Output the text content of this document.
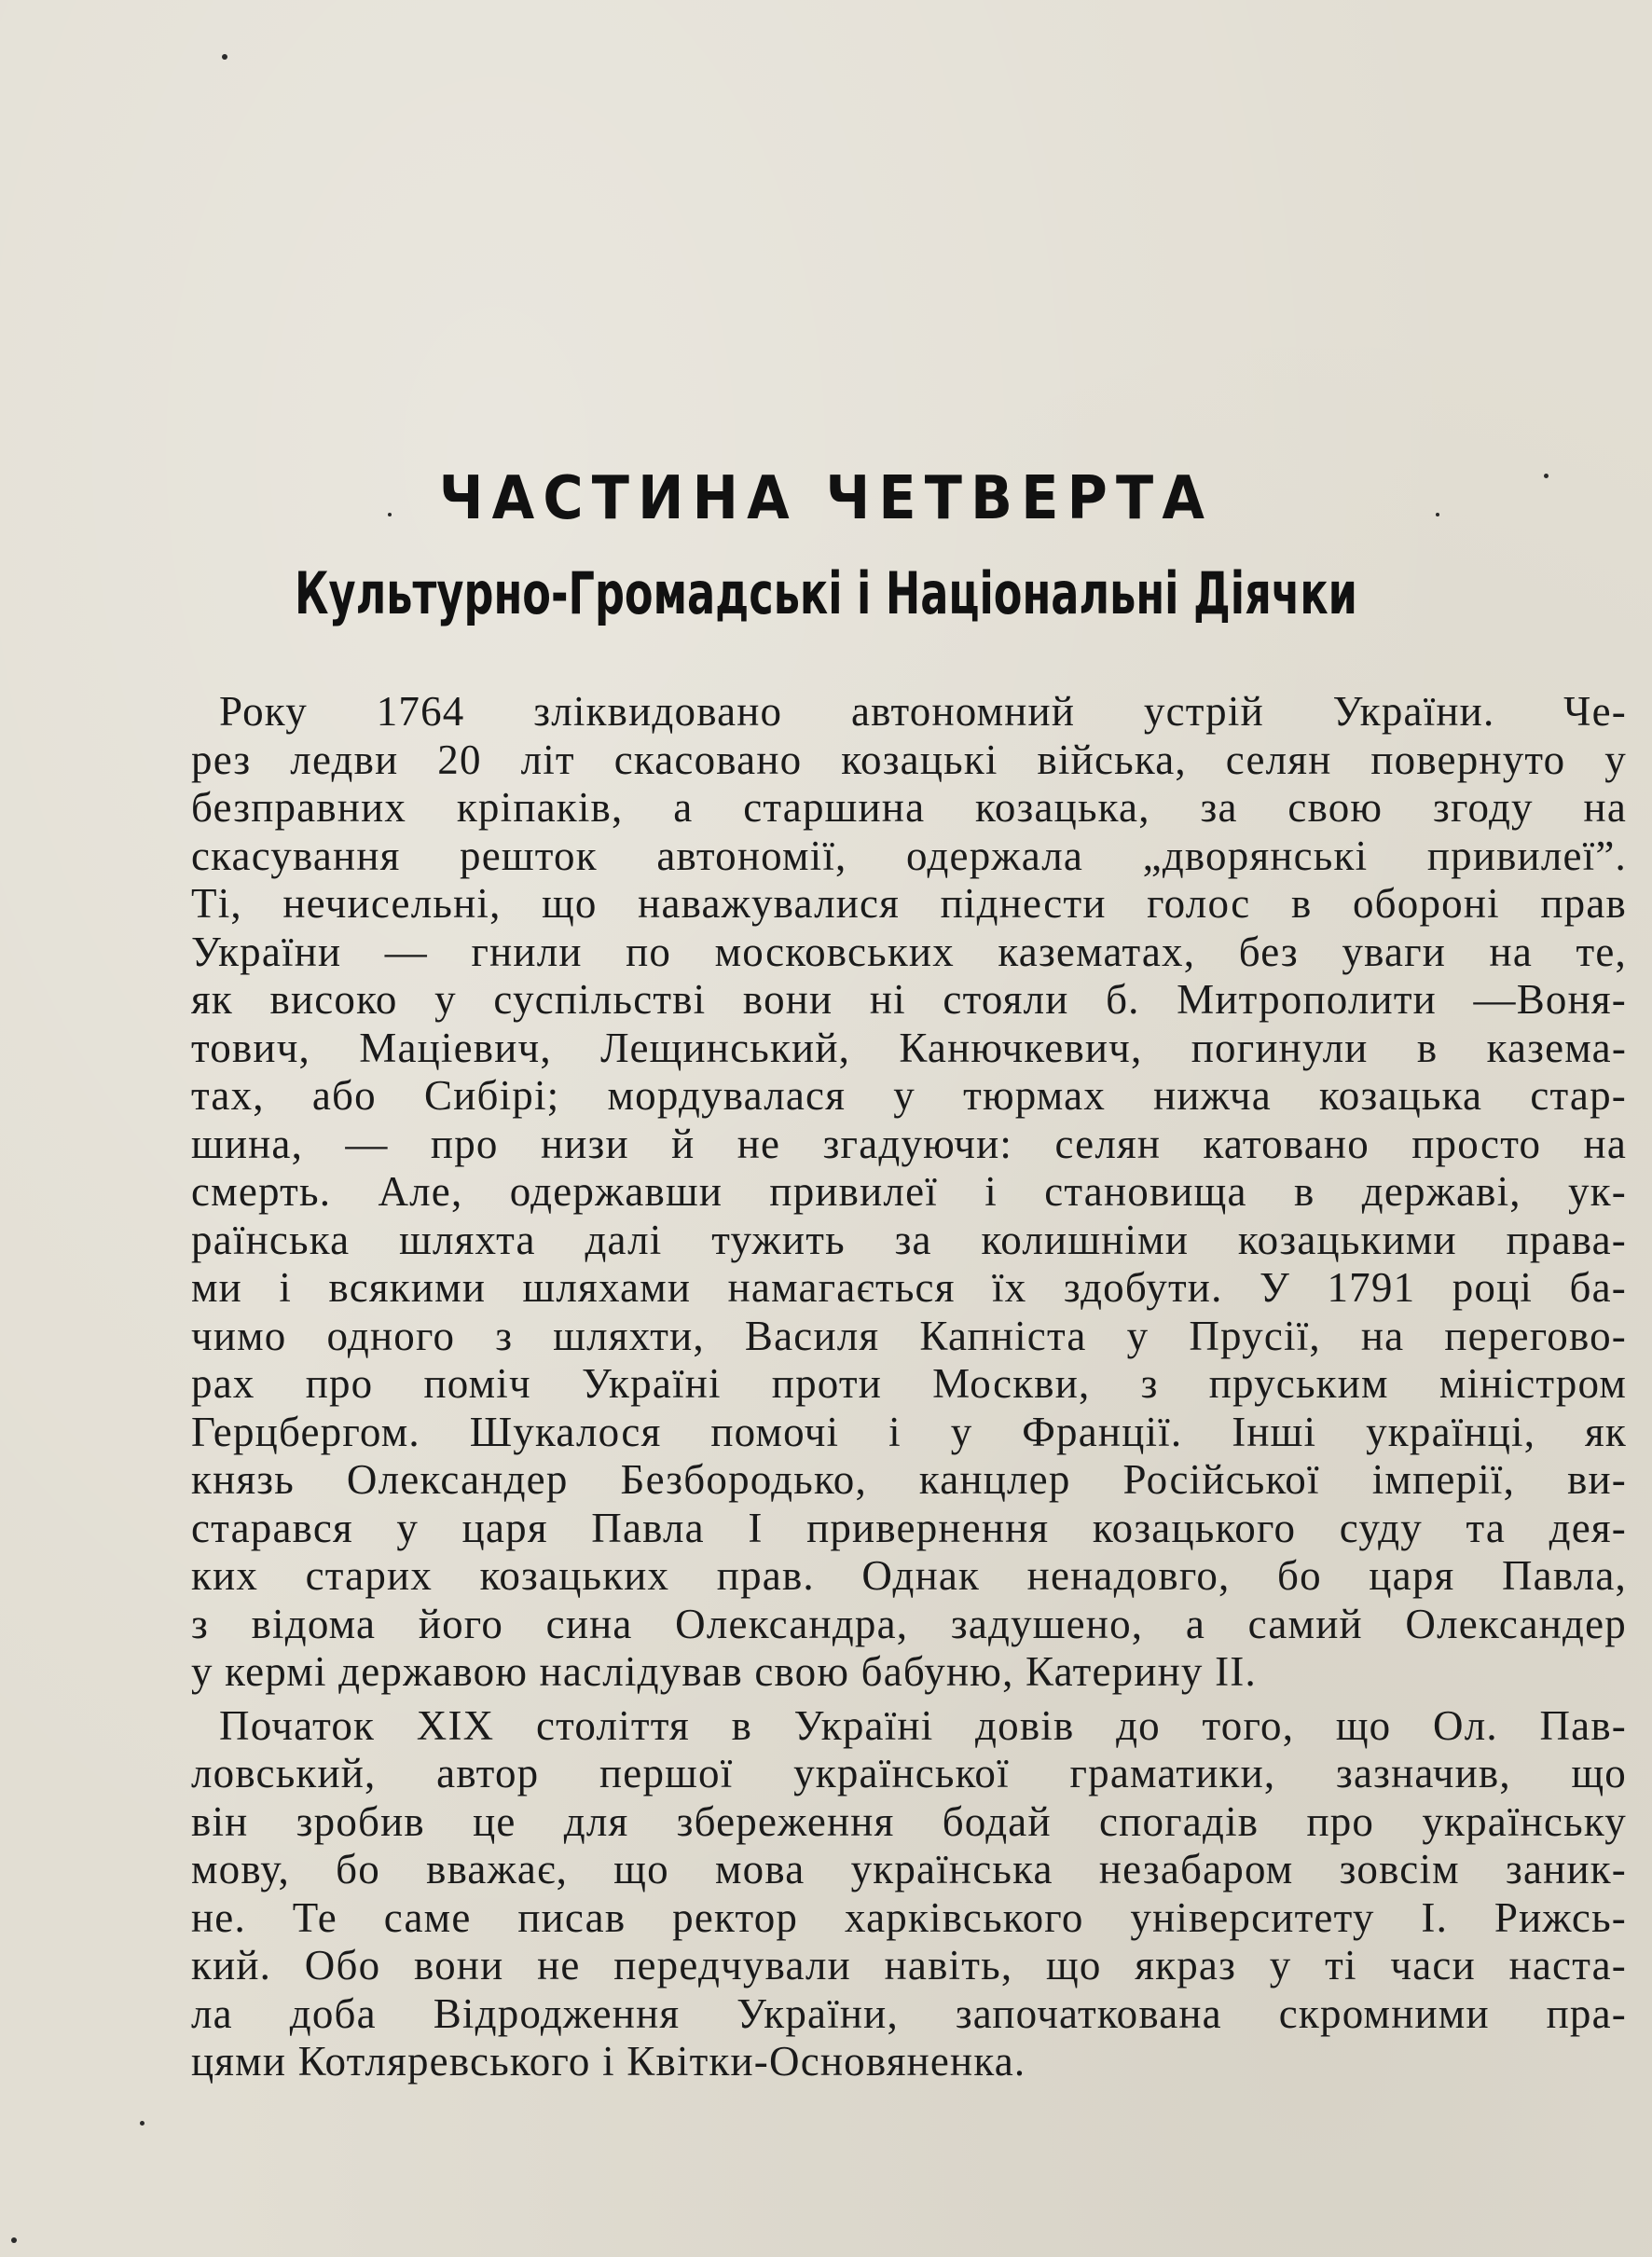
ЧАСТИНА ЧЕТВЕРТА
Культурно-Громадські і Національні Діячки
Року 1764 зліквидовано автономний устрій України. Че-
рез ледви 20 літ скасовано козацькі війська, селян повернуто у
безправних кріпаків, а старшина козацька, за свою згоду на
скасування решток автономії, одержала „дворянські привилеї”.
Ті, нечисельні, що наважувалися піднести голос в обороні прав
України — гнили по московських казематах, без уваги на те,
як високо у суспільстві вони ні стояли б. Митрополити —Воня-
тович, Маціевич, Лещинський, Канючкевич, погинули в казема-
тах, або Сибірі; мордувалася у тюрмах нижча козацька стар-
шина, — про низи й не згадуючи: селян катовано просто на
смерть. Але, одержавши привилеї і становища в державі, ук-
раїнська шляхта далі тужить за колишніми козацькими права-
ми і всякими шляхами намагається їх здобути. У 1791 році ба-
чимо одного з шляхти, Василя Капніста у Прусії, на перегово-
рах про поміч Україні проти Москви, з пруським міністром
Герцбергом. Шукалося помочі і у Франції. Інші українці, як
князь Олександер Безбородько, канцлер Російської імперії, ви-
старався у царя Павла І привернення козацького суду та дея-
ких старих козацьких прав. Однак ненадовго, бо царя Павла,
з відома його сина Олександра, задушено, а самий Олександер
у кермі державою наслідував свою бабуню, Катерину II.
Початок XIX століття в Україні довів до того, що Ол. Пав-
ловський, автор першої української граматики, зазначив, що
він зробив це для збереження бодай спогадів про українську
мову, бо вважає, що мова українська незабаром зовсім заник-
не. Те саме писав ректор харківського університету І. Рижсь-
кий. Обо вони не передчували навіть, що якраз у ті часи наста-
ла доба Відродження України, започаткована скромними пра-
цями Котляревського і Квітки-Основяненка.
